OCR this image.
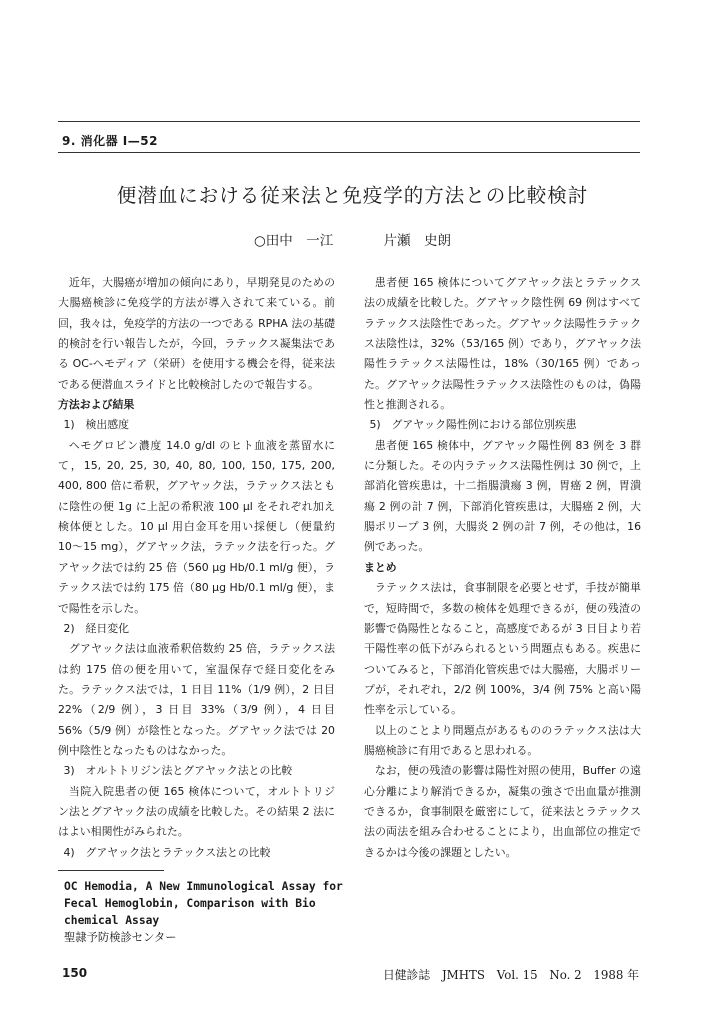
9. 消化器 Ⅰ—52
便潜血における従来法と免疫学的方法との比較検討
○田中　一江	片瀬　史朗

近年，大腸癌が増加の傾向にあり，早期発見のための大腸癌検診に免疫学的方法が導入されて来ている。前回，我々は，免疫学的方法の一つである RPHA 法の基礎的検討を行い報告したが，今回，ラテックス凝集法である OC-ヘモディア（栄研）を使用する機会を得，従来法である便潜血スライドと比較検討したので報告する。

方法および結果

1)　検出感度

ヘモグロビン濃度 14.0 g/dl のヒト血液を蒸留水にて，15, 20, 25, 30, 40, 80, 100, 150, 175, 200, 400, 800 倍に希釈，グアヤック法，ラテックス法ともに陰性の便 1g に上記の希釈液 100 μl をそれぞれ加え検体便とした。10 μl 用白金耳を用い採便し（便量約 10〜15 mg），グアヤック法，ラテック法を行った。グアヤック法では約 25 倍（560 μg Hb/0.1 ml/g 便），ラテックス法では約 175 倍（80 μg Hb/0.1 ml/g 便），まで陽性を示した。

2)　経日変化

グアヤック法は血液希釈倍数約 25 倍，ラテックス法は約 175 倍の便を用いて，室温保存で経日変化をみた。ラテックス法では，1 日目 11%（1/9 例），2 日目 22%（2/9 例），3 日目 33%（3/9 例），4 日目 56%（5/9 例）が陰性となった。グアヤック法では 20 例中陰性となったものはなかった。

3)　オルトトリジン法とグアヤック法との比較

当院入院患者の便 165 検体について，オルトトリジン法とグアヤック法の成績を比較した。その結果 2 法にはよい相関性がみられた。

4)　グアヤック法とラテックス法との比較

患者便 165 検体についてグアヤック法とラテックス法の成績を比較した。グアヤック陰性例 69 例はすべてラテックス法陰性であった。グアヤック法陽性ラテックス法陰性は，32%（53/165 例）であり，グアヤック法陽性ラテックス法陽性は，18%（30/165 例）であった。グアヤック法陽性ラテックス法陰性のものは，偽陽性と推測される。

5)　グアヤック陽性例における部位別疾患

患者便 165 検体中，グアヤック陽性例 83 例を 3 群に分類した。その内ラテックス法陽性例は 30 例で，上部消化管疾患は，十二指腸潰瘍 3 例，胃癌 2 例，胃潰瘍 2 例の計 7 例，下部消化管疾患は，大腸癌 2 例，大腸ポリープ 3 例，大腸炎 2 例の計 7 例，その他は，16 例であった。

まとめ

ラテックス法は，食事制限を必要とせず，手技が簡単で，短時間で，多数の検体を処理できるが，便の残渣の影響で偽陽性となること，高感度であるが 3 日目より若干陽性率の低下がみられるという問題点もある。疾患についてみると，下部消化管疾患では大腸癌，大腸ポリープが，それぞれ，2/2 例 100%，3/4 例 75% と高い陽性率を示している。

以上のことより問題点があるもののラテックス法は大腸癌検診に有用であると思われる。

なお，便の残渣の影響は陽性対照の使用，Buffer の遠心分離により解消できるか，凝集の強さで出血量が推測できるか，食事制限を厳密にして，従来法とラテックス法の両法を組み合わせることにより，出血部位の推定できるかは今後の課題としたい。

OC Hemodia, A New Immunological Assay for Fecal Hemoglobin, Comparison with Bio chemical Assay
聖隷予防検診センター
150	日健診誌　JMHTS　Vol. 15　No. 2　1988 年
